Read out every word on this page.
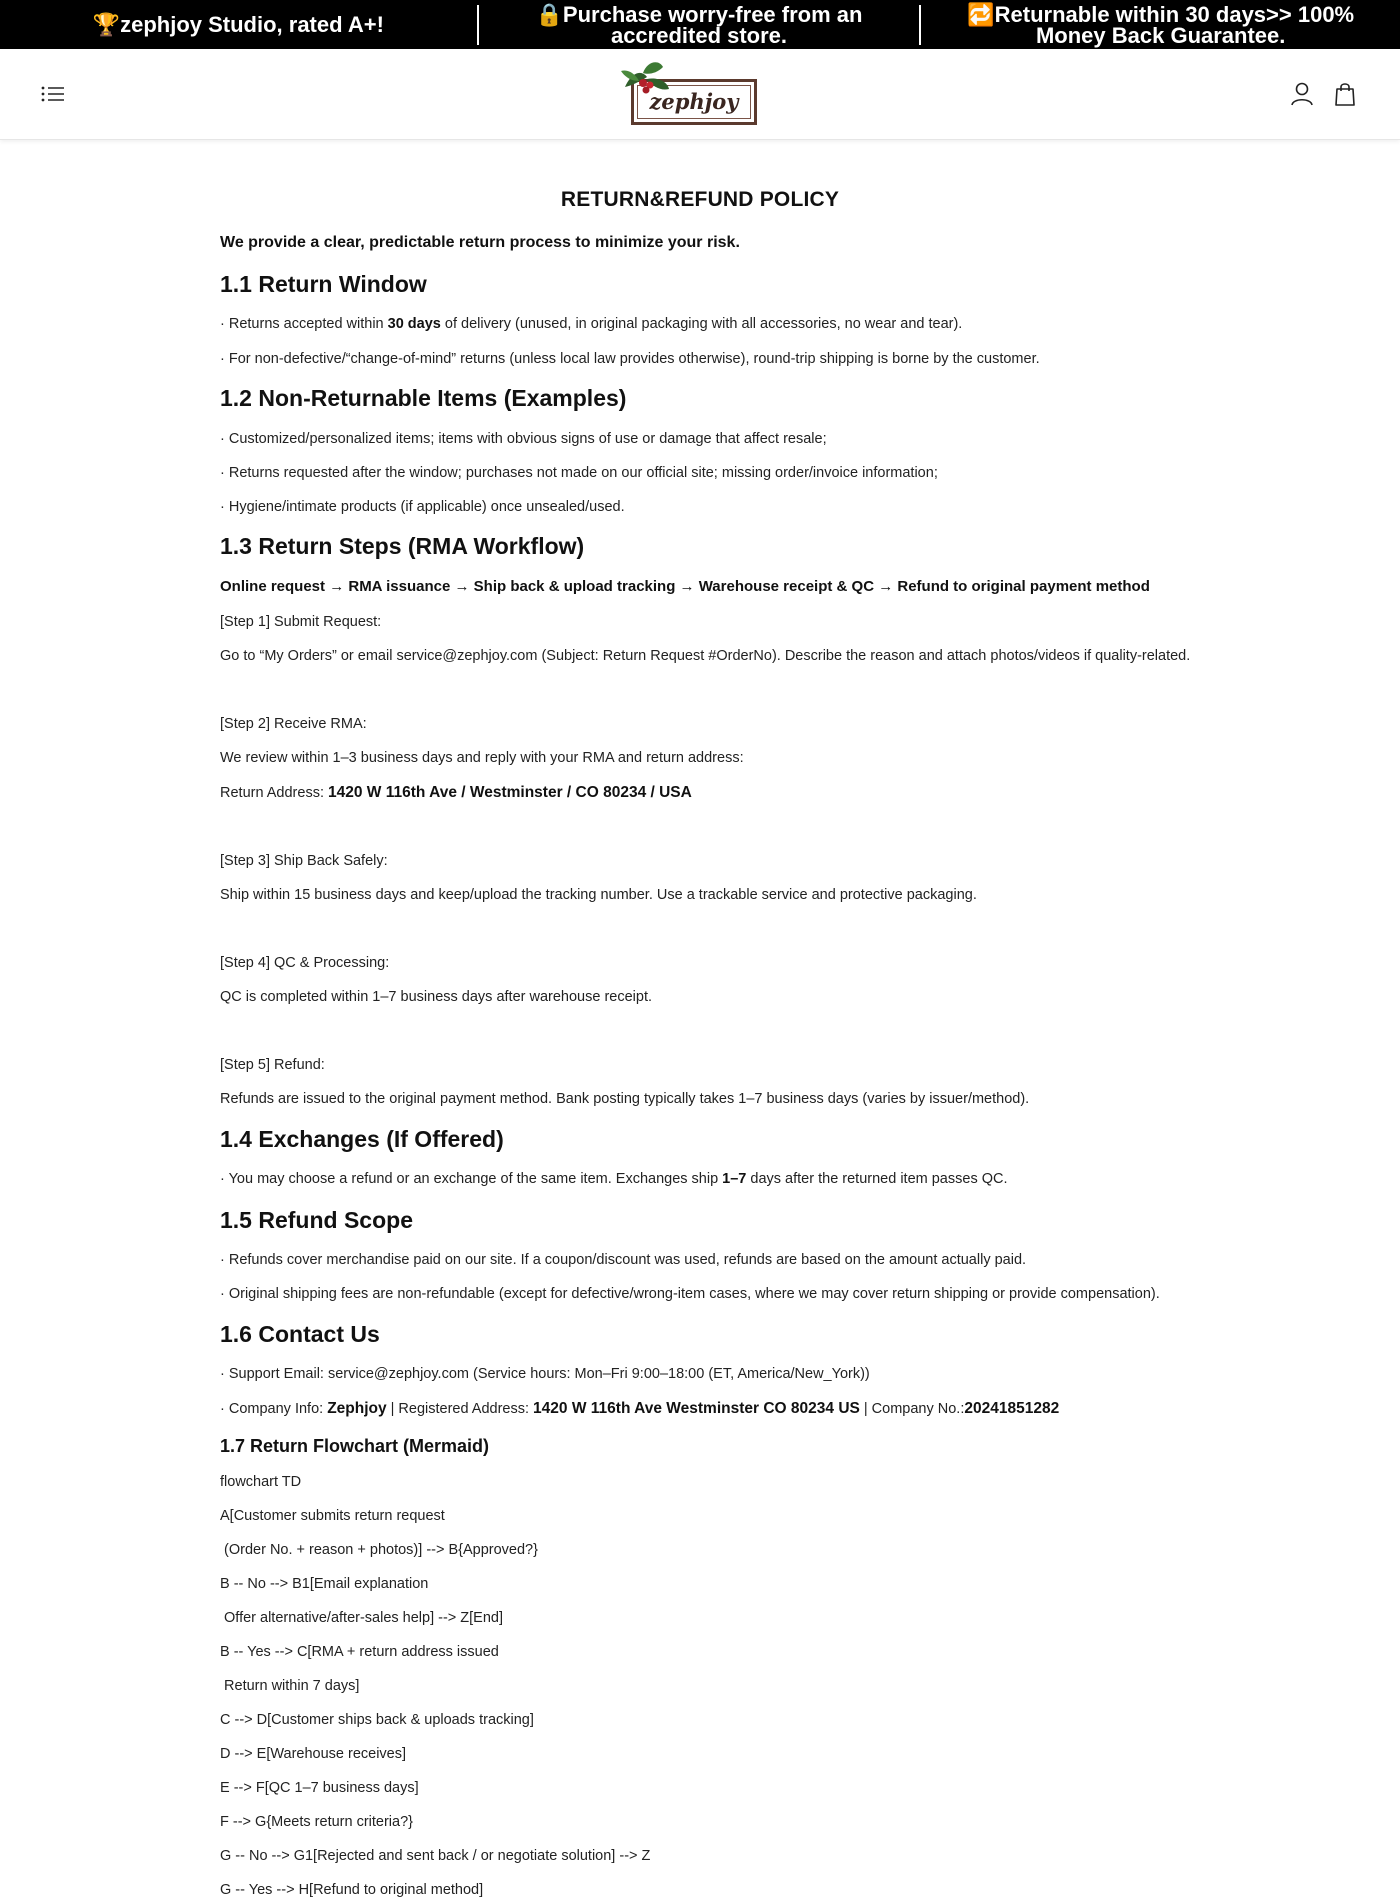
🏆zephjoy Studio, rated A+!	🔒Purchase worry-free from an accredited store.
🔁Returnable within 30 days>> 100% Money Back Guarantee.
zephjoy
RETURN&REFUND POLICY
We provide a clear, predictable return process to minimize your risk.
1.1 Return Window
· Returns accepted within 30 days of delivery (unused, in original packaging with all accessories, no wear and tear).
· For non-defective/“change-of-mind” returns (unless local law provides otherwise), round-trip shipping is borne by the customer.
1.2 Non-Returnable Items (Examples)
· Customized/personalized items; items with obvious signs of use or damage that affect resale;
· Returns requested after the window; purchases not made on our official site; missing order/invoice information;
· Hygiene/intimate products (if applicable) once unsealed/used.
1.3 Return Steps (RMA Workflow)
Online request → RMA issuance → Ship back & upload tracking → Warehouse receipt & QC → Refund to original payment method
[Step 1] Submit Request:
Go to “My Orders” or email service@zephjoy.com (Subject: Return Request #OrderNo). Describe the reason and attach photos/videos if quality-related.
[Step 2] Receive RMA:
We review within 1–3 business days and reply with your RMA and return address:
Return Address: 1420 W 116th Ave / Westminster / CO 80234 / USA
[Step 3] Ship Back Safely:
Ship within 15 business days and keep/upload the tracking number. Use a trackable service and protective packaging.
[Step 4] QC & Processing:
QC is completed within 1–7 business days after warehouse receipt.
[Step 5] Refund:
Refunds are issued to the original payment method. Bank posting typically takes 1–7 business days (varies by issuer/method).
1.4 Exchanges (If Offered)
· You may choose a refund or an exchange of the same item. Exchanges ship 1–7 days after the returned item passes QC.
1.5 Refund Scope
· Refunds cover merchandise paid on our site. If a coupon/discount was used, refunds are based on the amount actually paid.
· Original shipping fees are non-refundable (except for defective/wrong-item cases, where we may cover return shipping or provide compensation).
1.6 Contact Us
· Support Email: service@zephjoy.com (Service hours: Mon–Fri 9:00–18:00 (ET, America/New_York))
· Company Info: Zephjoy | Registered Address: 1420 W 116th Ave Westminster CO 80234 US | Company No.:20241851282
1.7 Return Flowchart (Mermaid)
flowchart TD
A[Customer submits return request
(Order No. + reason + photos)] --> B{Approved?}
B -- No --> B1[Email explanation
Offer alternative/after-sales help] --> Z[End]
B -- Yes --> C[RMA + return address issued
Return within 7 days]
C --> D[Customer ships back & uploads tracking]
D --> E[Warehouse receives]
E --> F[QC 1–7 business days]
F --> G{Meets return criteria?}
G -- No --> G1[Rejected and sent back / or negotiate solution] --> Z
G -- Yes --> H[Refund to original method]
